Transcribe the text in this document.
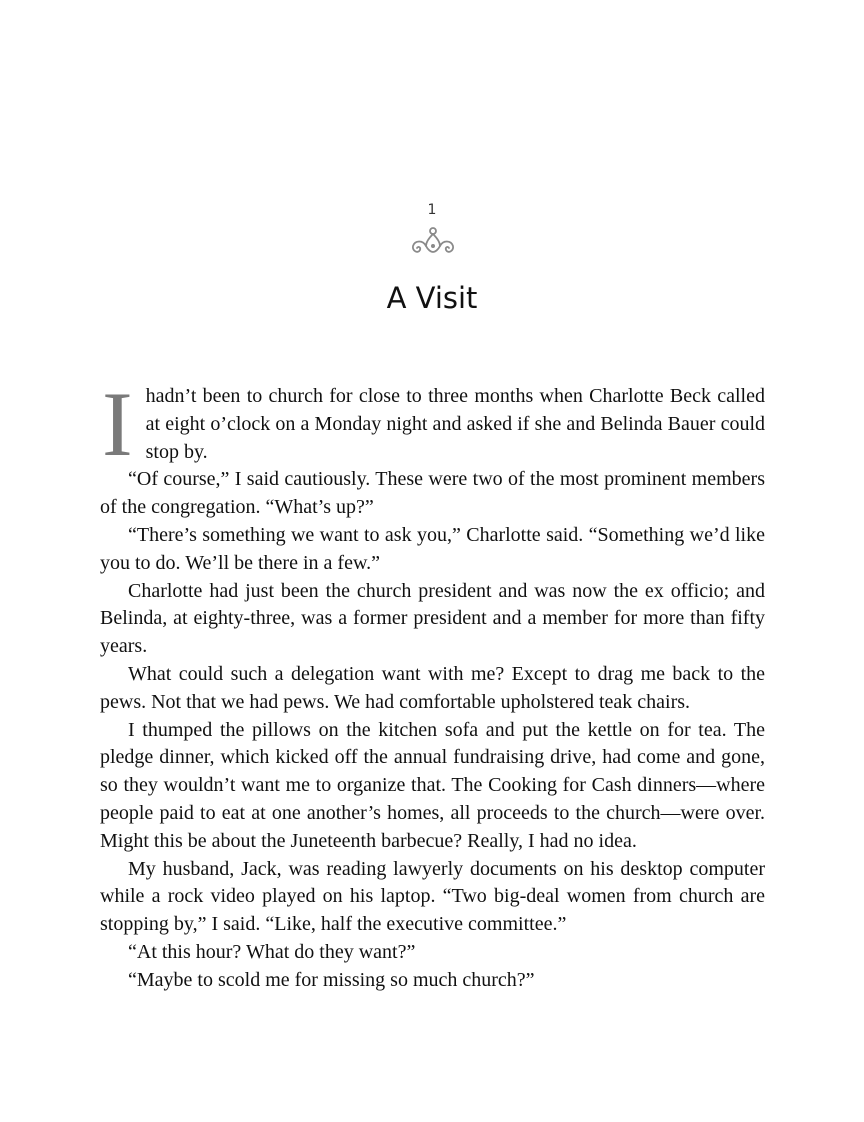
1
A Visit

Ihadn’t been to church for close to three months when Charlotte Beck called at eight o’clock on a Monday night and asked if she and Belinda Bauer could stop by.

“Of course,” I said cautiously. These were two of the most prominent members of the congregation. “What’s up?”

“There’s something we want to ask you,” Charlotte said. “Something we’d like you to do. We’ll be there in a few.”

Charlotte had just been the church president and was now the ex officio; and Belinda, at eighty-three, was a former president and a member for more than fifty years.

What could such a delegation want with me? Except to drag me back to the pews. Not that we had pews. We had comfortable upholstered teak chairs.

I thumped the pillows on the kitchen sofa and put the kettle on for tea. The pledge dinner, which kicked off the annual fundraising drive, had come and gone, so they wouldn’t want me to organize that. The Cooking for Cash dinners—where people paid to eat at one another’s homes, all proceeds to the church—were over. Might this be about the Juneteenth barbecue? Really, I had no idea.

My husband, Jack, was reading lawyerly documents on his desktop computer while a rock video played on his laptop. “Two big-deal women from church are stopping by,” I said. “Like, half the executive committee.”

“At this hour? What do they want?”

“Maybe to scold me for missing so much church?”
